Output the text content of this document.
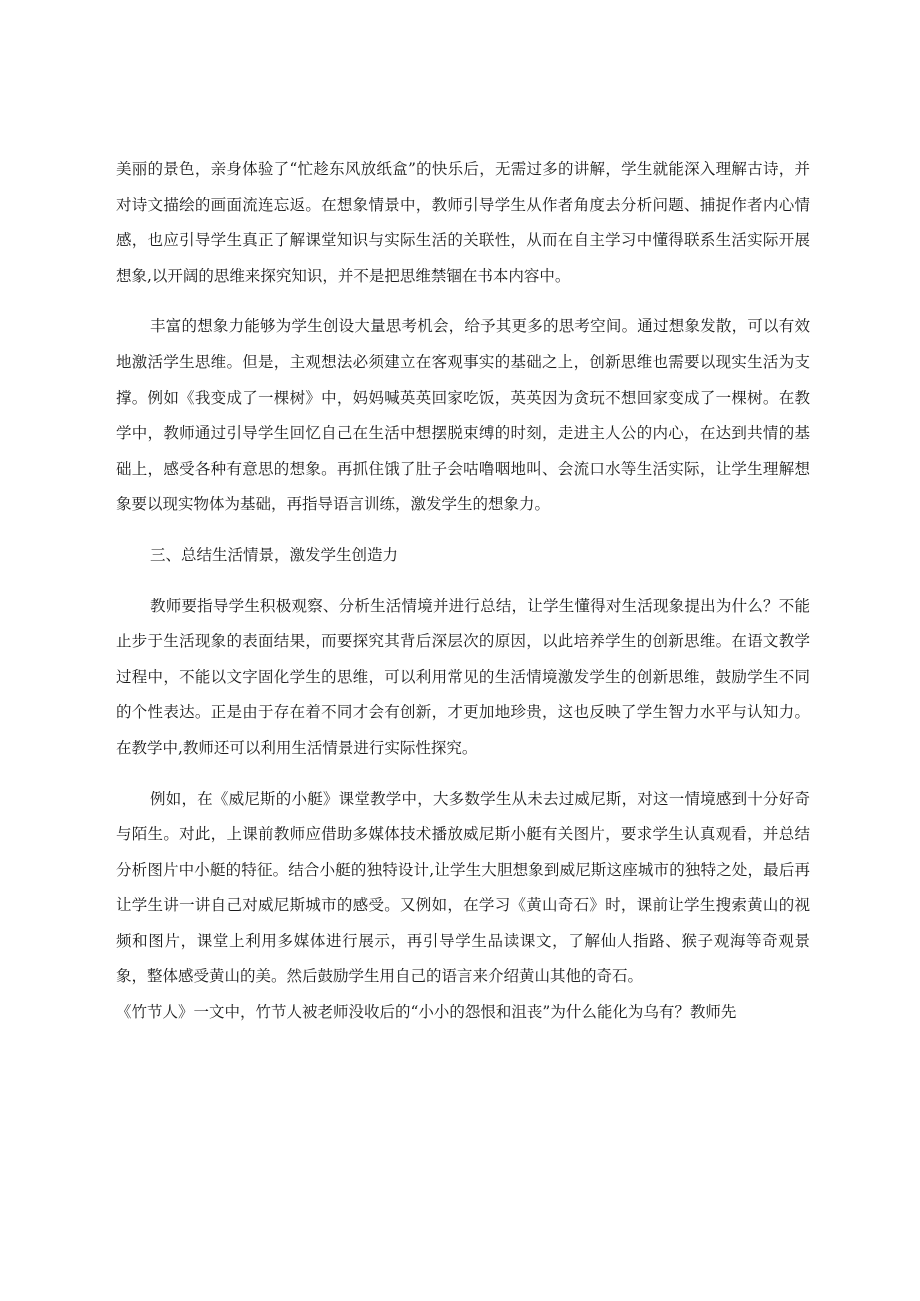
美丽的景色，亲身体验了“忙趁东风放纸盒”的快乐后，无需过多的讲解，学生就能深入理解古诗，并对诗文描绘的画面流连忘返。在想象情景中，教师引导学生从作者角度去分析问题、捕捉作者内心情感，也应引导学生真正了解课堂知识与实际生活的关联性，从而在自主学习中懂得联系生活实际开展想象,以开阔的思维来探究知识，并不是把思维禁锢在书本内容中。

丰富的想象力能够为学生创设大量思考机会，给予其更多的思考空间。通过想象发散，可以有效地激活学生思维。但是，主观想法必须建立在客观事实的基础之上，创新思维也需要以现实生活为支撑。例如《我变成了一棵树》中，妈妈喊英英回家吃饭，英英因为贪玩不想回家变成了一棵树。在教学中，教师通过引导学生回忆自己在生活中想摆脱束缚的时刻，走进主人公的内心，在达到共情的基础上，感受各种有意思的想象。再抓住饿了肚子会咕噜咽地叫、会流口水等生活实际，让学生理解想象要以现实物体为基础，再指导语言训练，激发学生的想象力。

三、总结生活情景，激发学生创造力

教师要指导学生积极观察、分析生活情境并进行总结，让学生懂得对生活现象提出为什么？不能止步于生活现象的表面结果，而要探究其背后深层次的原因，以此培养学生的创新思维。在语文教学过程中，不能以文字固化学生的思维，可以利用常见的生活情境激发学生的创新思维，鼓励学生不同的个性表达。正是由于存在着不同才会有创新，才更加地珍贵，这也反映了学生智力水平与认知力。在教学中,教师还可以利用生活情景进行实际性探究。

例如，在《威尼斯的小艇》课堂教学中，大多数学生从未去过威尼斯，对这一情境感到十分好奇与陌生。对此，上课前教师应借助多媒体技术播放威尼斯小艇有关图片，要求学生认真观看，并总结分析图片中小艇的特征。结合小艇的独特设计,让学生大胆想象到威尼斯这座城市的独特之处，最后再让学生讲一讲自己对威尼斯城市的感受。又例如，在学习《黄山奇石》时，课前让学生搜索黄山的视频和图片，课堂上利用多媒体进行展示，再引导学生品读课文，了解仙人指路、猴子观海等奇观景象，整体感受黄山的美。然后鼓励学生用自己的语言来介绍黄山其他的奇石。

《竹节人》一文中，竹节人被老师没收后的“小小的怨恨和沮丧”为什么能化为乌有？教师先
